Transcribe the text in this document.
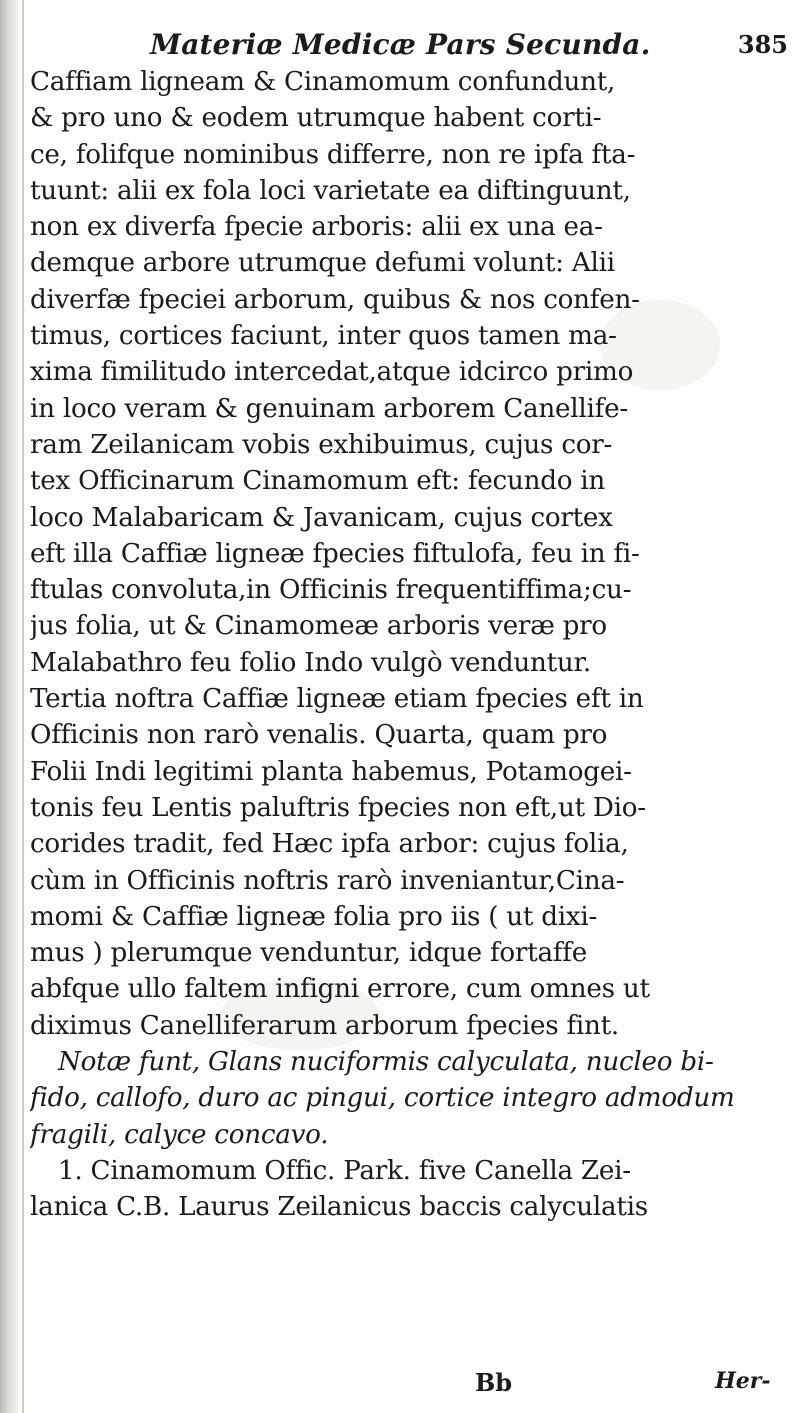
Materiæ Medicæ Pars Secunda.	385
Caffiam ligneam & Cinamomum confundunt,
& pro uno & eodem utrumque habent corti-
ce, folifque nominibus differre, non re ipfa fta-
tuunt: alii ex fola loci varietate ea diftinguunt,
non ex diverfa fpecie arboris: alii ex una ea-
demque arbore utrumque defumi volunt: Alii
diverfæ fpeciei arborum, quibus & nos confen-
timus, cortices faciunt, inter quos tamen ma-
xima fimilitudo intercedat,atque idcirco primo
in loco veram & genuinam arborem Canellife-
ram Zeilanicam vobis exhibuimus, cujus cor-
tex Officinarum Cinamomum eft: fecundo in
loco Malabaricam & Javanicam, cujus cortex
eft illa Caffiæ ligneæ fpecies fiftulofa, feu in fi-
ftulas convoluta,in Officinis frequentiffima;cu-
jus folia, ut & Cinamomeæ arboris veræ pro
Malabathro feu folio Indo vulgò venduntur.
Tertia noftra Caffiæ ligneæ etiam fpecies eft in
Officinis non rarò venalis. Quarta, quam pro
Folii Indi legitimi planta habemus, Potamogei-
tonis feu Lentis paluftris fpecies non eft,ut Dio-
corides tradit, fed Hæc ipfa arbor: cujus folia,
cùm in Officinis noftris rarò inveniantur,Cina-
momi & Caffiæ ligneæ folia pro iis ( ut dixi-
mus ) plerumque venduntur, idque fortaffe
abfque ullo faltem infigni errore, cum omnes ut
diximus Canelliferarum arborum fpecies fint.
Notæ funt, Glans nuciformis calyculata, nucleo bi-
fido, callofo, duro ac pingui, cortice integro admodum
fragili, calyce concavo.
1. Cinamomum Offic. Park. five Canella Zei-
lanica C.B. Laurus Zeilanicus baccis calyculatis
Bb	Her-
